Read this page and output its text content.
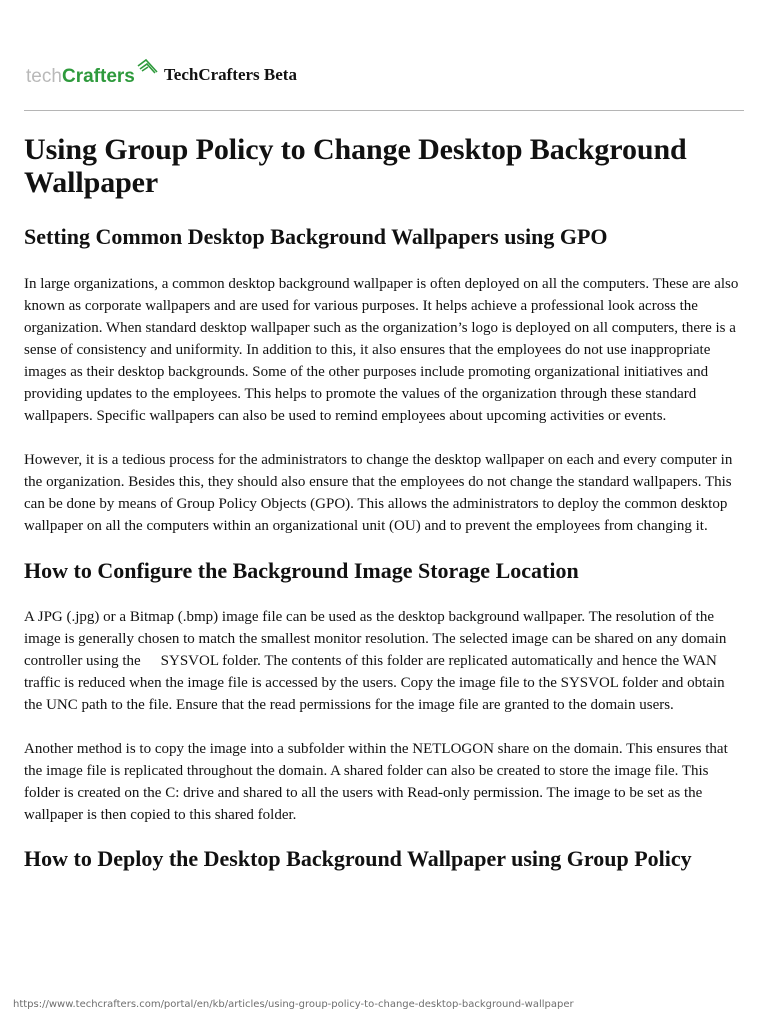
tech Crafters TechCrafters Beta
Using Group Policy to Change Desktop Background Wallpaper
Setting Common Desktop Background Wallpapers using GPO

In large organizations, a common desktop background wallpaper is often deployed on all the computers. These are also known as corporate wallpapers and are used for various purposes. It helps achieve a professional look across the organization. When standard desktop wallpaper such as the organization’s logo is deployed on all computers, there is a sense of consistency and uniformity. In addition to this, it also ensures that the employees do not use inappropriate images as their desktop backgrounds. Some of the other purposes include promoting organizational initiatives and providing updates to the employees. This helps to promote the values of the organization through these standard wallpapers. Specific wallpapers can also be used to remind employees about upcoming activities or events.

However, it is a tedious process for the administrators to change the desktop wallpaper on each and every computer in the organization. Besides this, they should also ensure that the employees do not change the standard wallpapers. This can be done by means of Group Policy Objects (GPO). This allows the administrators to deploy the common desktop wallpaper on all the computers within an organizational unit (OU) and to prevent the employees from changing it.

How to Configure the Background Image Storage Location

A JPG (.jpg) or a Bitmap (.bmp) image file can be used as the desktop background wallpaper. The resolution of the image is generally chosen to match the smallest monitor resolution. The selected image can be shared on any domain controller using the SYSVOL folder. The contents of this folder are replicated automatically and hence the WAN traffic is reduced when the image file is accessed by the users. Copy the image file to the SYSVOL folder and obtain the UNC path to the file. Ensure that the read permissions for the image file are granted to the domain users.

Another method is to copy the image into a subfolder within the NETLOGON share on the domain. This ensures that the image file is replicated throughout the domain. A shared folder can also be created to store the image file. This folder is created on the C: drive and shared to all the users with Read-only permission. The image to be set as the wallpaper is then copied to this shared folder.

How to Deploy the Desktop Background Wallpaper using Group Policy
https://www.techcrafters.com/portal/en/kb/articles/using-group-policy-to-change-desktop-background-wallpaper
